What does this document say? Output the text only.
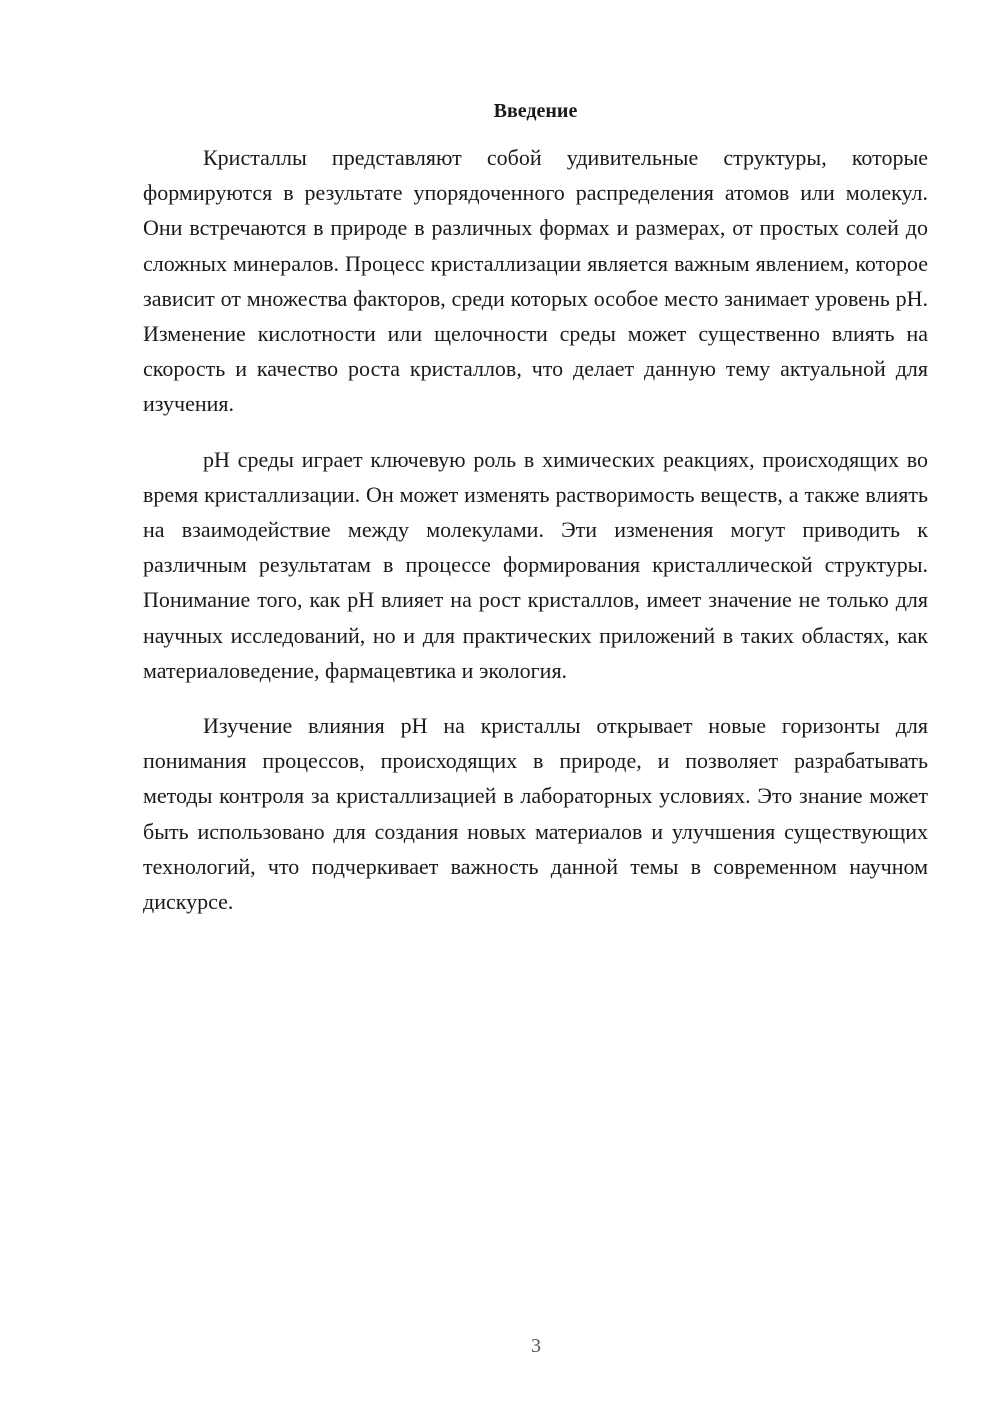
Введение

Кристаллы представляют собой удивительные структуры, которые формируются в результате упорядоченного распределения атомов или молекул. Они встречаются в природе в различных формах и размерах, от простых солей до сложных минералов. Процесс кристаллизации является важным явлением, которое зависит от множества факторов, среди которых особое место занимает уровень pH. Изменение кислотности или щелочности среды может существенно влиять на скорость и качество роста кристаллов, что делает данную тему актуальной для изучения.

pH среды играет ключевую роль в химических реакциях, происходящих во время кристаллизации. Он может изменять растворимость веществ, а также влиять на взаимодействие между молекулами. Эти изменения могут приводить к различным результатам в процессе формирования кристаллической структуры. Понимание того, как pH влияет на рост кристаллов, имеет значение не только для научных исследований, но и для практических приложений в таких областях, как материаловедение, фармацевтика и экология.

Изучение влияния pH на кристаллы открывает новые горизонты для понимания процессов, происходящих в природе, и позволяет разрабатывать методы контроля за кристаллизацией в лабораторных условиях. Это знание может быть использовано для создания новых материалов и улучшения существующих технологий, что подчеркивает важность данной темы в современном научном дискурсе.

3
